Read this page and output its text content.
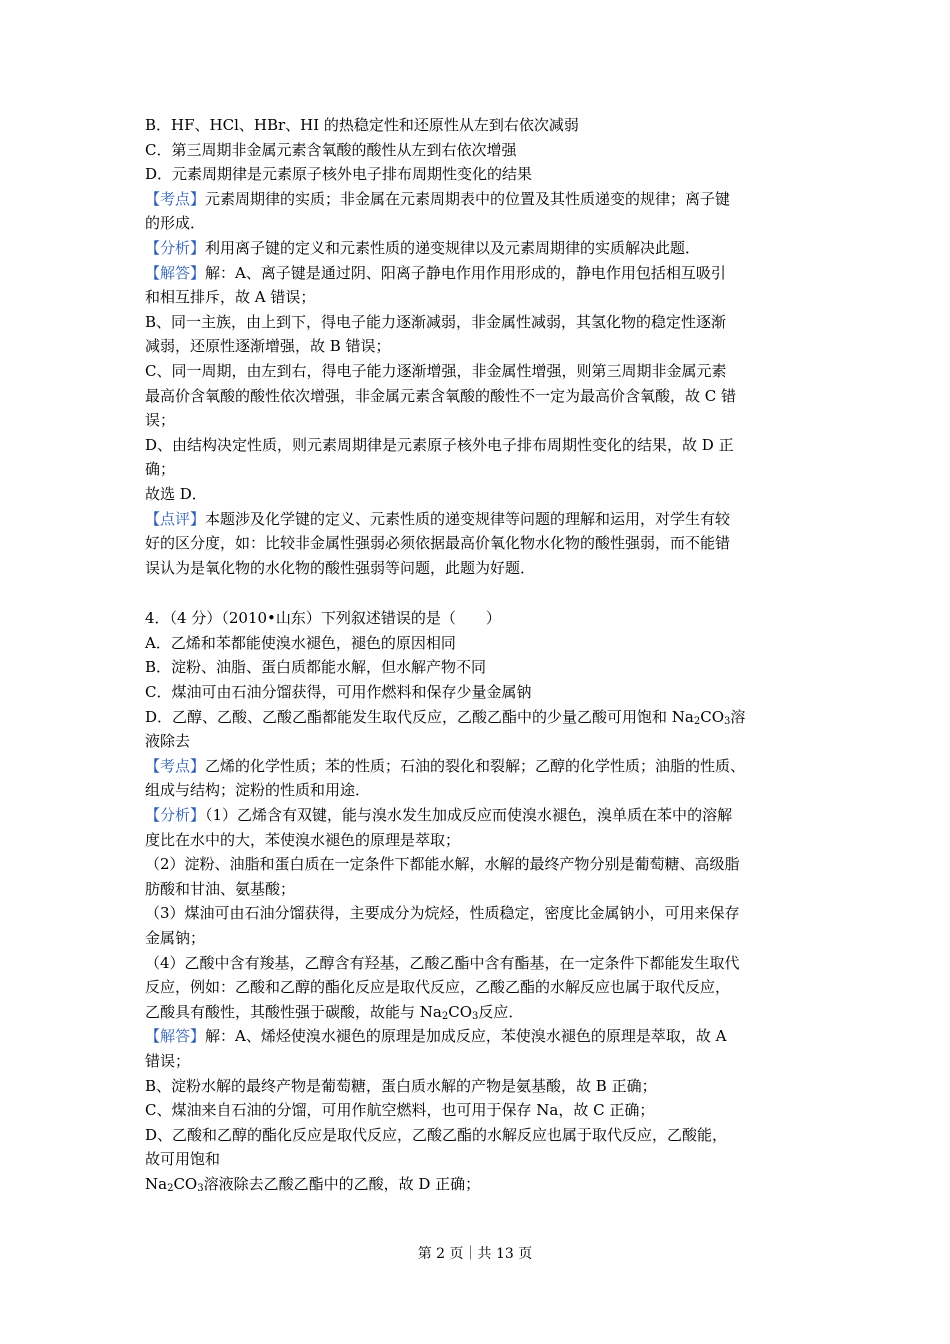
B．HF、HCl、HBr、HI 的热稳定性和还原性从左到右依次减弱
C．第三周期非金属元素含氧酸的酸性从左到右依次增强
D．元素周期律是元素原子核外电子排布周期性变化的结果
【考点】元素周期律的实质；非金属在元素周期表中的位置及其性质递变的规律；离子键
的形成．
【分析】利用离子键的定义和元素性质的递变规律以及元素周期律的实质解决此题．
【解答】解：A、离子键是通过阴、阳离子静电作用作用形成的，静电作用包括相互吸引
和相互排斥，故 A 错误；
B、同一主族，由上到下，得电子能力逐渐减弱，非金属性减弱，其氢化物的稳定性逐渐
减弱，还原性逐渐增强，故 B 错误；
C、同一周期，由左到右，得电子能力逐渐增强，非金属性增强，则第三周期非金属元素
最高价含氧酸的酸性依次增强，非金属元素含氧酸的酸性不一定为最高价含氧酸，故 C 错
误；
D、由结构决定性质，则元素周期律是元素原子核外电子排布周期性变化的结果，故 D 正
确；
故选 D．
【点评】本题涉及化学键的定义、元素性质的递变规律等问题的理解和运用，对学生有较
好的区分度，如：比较非金属性强弱必须依据最高价氧化物水化物的酸性强弱，而不能错
误认为是氧化物的水化物的酸性强弱等问题，此题为好题．
4．（4 分）（2010•山东）下列叙述错误的是（　　）
A．乙烯和苯都能使溴水褪色，褪色的原因相同
B．淀粉、油脂、蛋白质都能水解，但水解产物不同
C．煤油可由石油分馏获得，可用作燃料和保存少量金属钠
D．乙醇、乙酸、乙酸乙酯都能发生取代反应，乙酸乙酯中的少量乙酸可用饱和 $Na_2CO_3$溶
液除去
【考点】乙烯的化学性质；苯的性质；石油的裂化和裂解；乙醇的化学性质；油脂的性质、
组成与结构；淀粉的性质和用途．
【分析】（1）乙烯含有双键，能与溴水发生加成反应而使溴水褪色，溴单质在苯中的溶解
度比在水中的大，苯使溴水褪色的原理是萃取；
（2）淀粉、油脂和蛋白质在一定条件下都能水解，水解的最终产物分别是葡萄糖、高级脂
肪酸和甘油、氨基酸；
（3）煤油可由石油分馏获得，主要成分为烷烃，性质稳定，密度比金属钠小，可用来保存
金属钠；
（4）乙酸中含有羧基，乙醇含有羟基，乙酸乙酯中含有酯基，在一定条件下都能发生取代
反应，例如：乙酸和乙醇的酯化反应是取代反应，乙酸乙酯的水解反应也属于取代反应，
乙酸具有酸性，其酸性强于碳酸，故能与 $Na_2CO_3$反应．
【解答】解：A、烯烃使溴水褪色的原理是加成反应，苯使溴水褪色的原理是萃取，故 A
错误；
B、淀粉水解的最终产物是葡萄糖，蛋白质水解的产物是氨基酸，故 B 正确；
C、煤油来自石油的分馏，可用作航空燃料，也可用于保存 Na，故 C 正确；
D、乙酸和乙醇的酯化反应是取代反应，乙酸乙酯的水解反应也属于取代反应，乙酸能，
故可用饱和
$Na_2CO_3$溶液除去乙酸乙酯中的乙酸，故 D 正确；
第 2 页｜共 13 页
